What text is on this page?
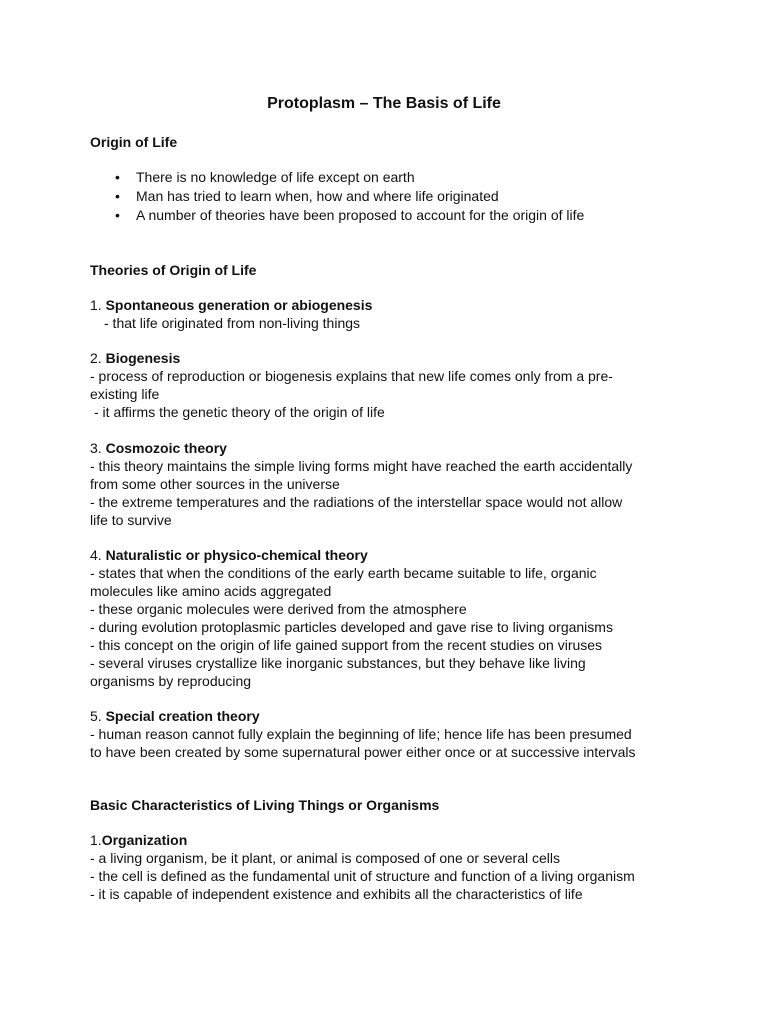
Protoplasm – The Basis of Life
Origin of Life
• There is no knowledge of life except on earth
• Man has tried to learn when, how and where life originated
• A number of theories have been proposed to account for the origin of life
Theories of Origin of Life
1. Spontaneous generation or abiogenesis
- that life originated from non-living things
2. Biogenesis
- process of reproduction or biogenesis explains that new life comes only from a pre-
existing life
- it affirms the genetic theory of the origin of life
3. Cosmozoic theory
- this theory maintains the simple living forms might have reached the earth accidentally
from some other sources in the universe
- the extreme temperatures and the radiations of the interstellar space would not allow
life to survive
4. Naturalistic or physico-chemical theory
- states that when the conditions of the early earth became suitable to life, organic
molecules like amino acids aggregated
- these organic molecules were derived from the atmosphere
- during evolution protoplasmic particles developed and gave rise to living organisms
- this concept on the origin of life gained support from the recent studies on viruses
- several viruses crystallize like inorganic substances, but they behave like living
organisms by reproducing
5. Special creation theory
- human reason cannot fully explain the beginning of life; hence life has been presumed
to have been created by some supernatural power either once or at successive intervals
Basic Characteristics of Living Things or Organisms
1.Organization
- a living organism, be it plant, or animal is composed of one or several cells
- the cell is defined as the fundamental unit of structure and function of a living organism
- it is capable of independent existence and exhibits all the characteristics of life
